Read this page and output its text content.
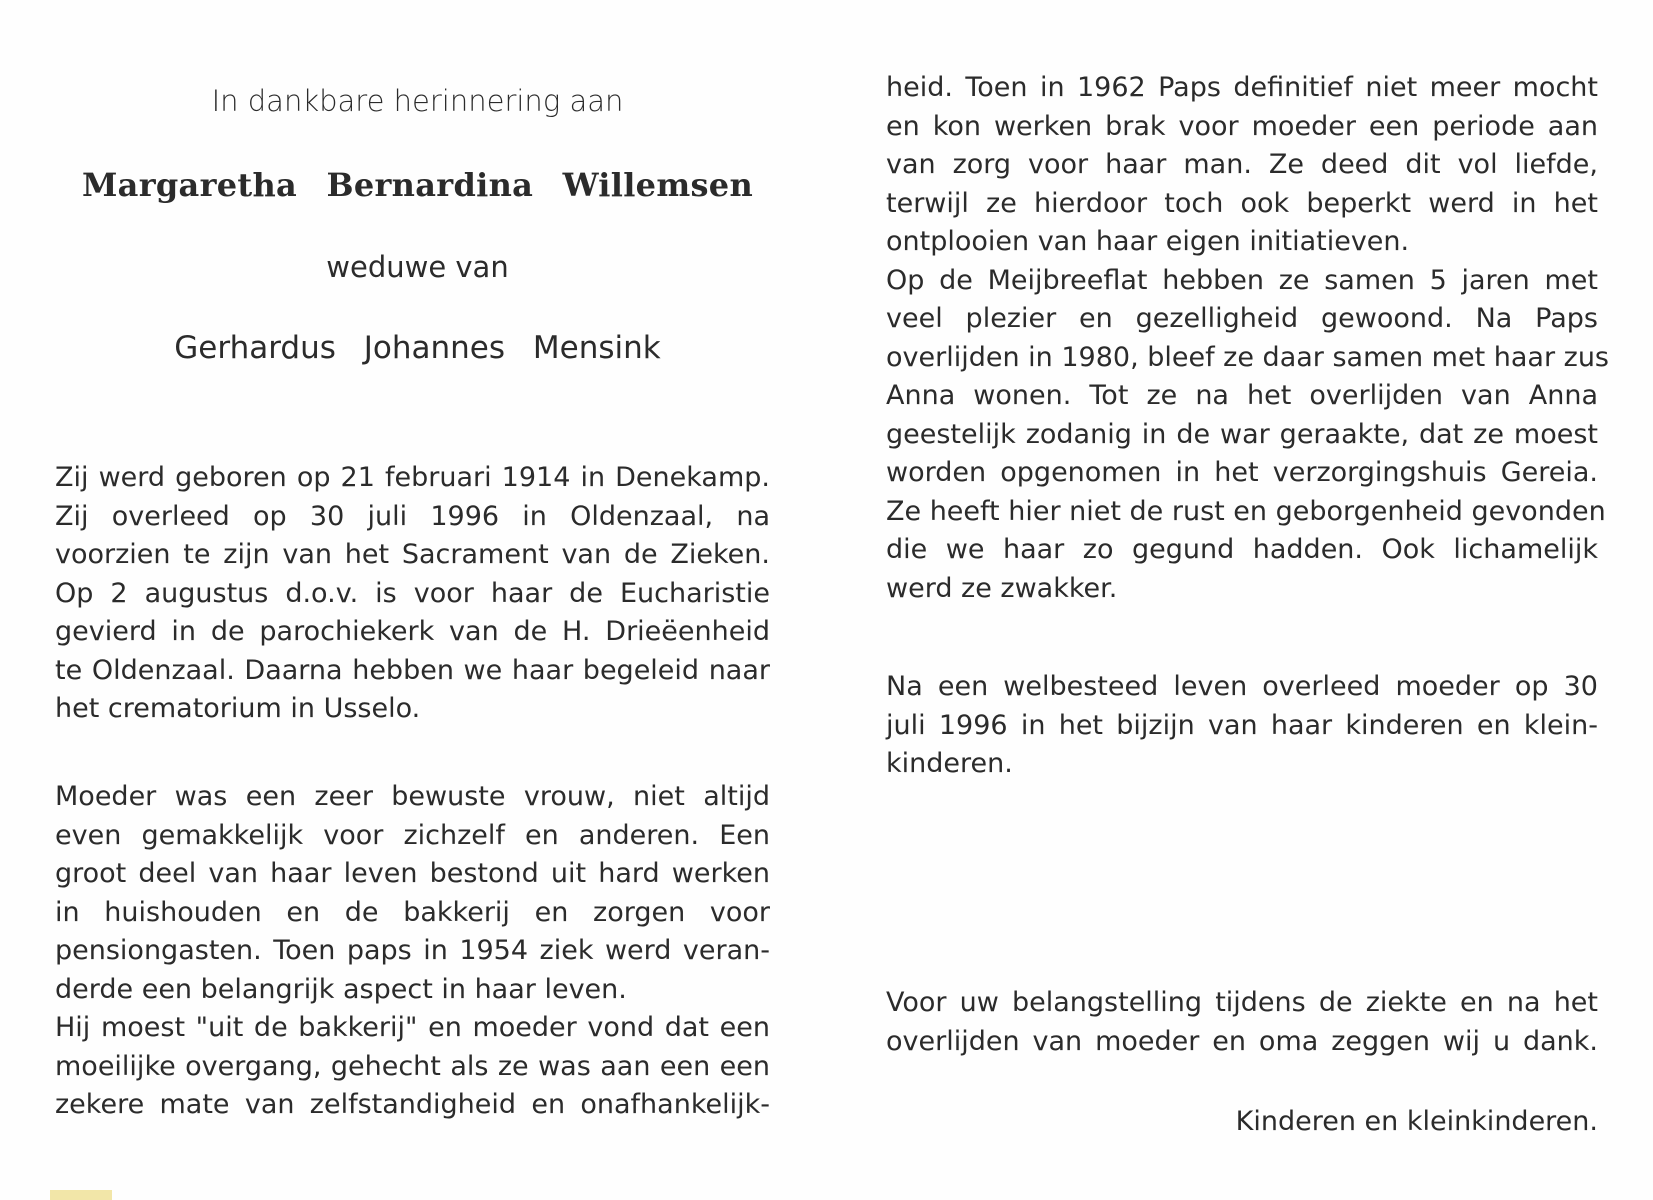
In dankbare herinnering aan
Margaretha Bernardina Willemsen
weduwe van
Gerhardus Johannes Mensink
Zij werd geboren op 21 februari 1914 in Denekamp.
Zij overleed op 30 juli 1996 in Oldenzaal, na
voorzien te zijn van het Sacrament van de Zieken.
Op 2 augustus d.o.v. is voor haar de Eucharistie
gevierd in de parochiekerk van de H. Drieëenheid
te Oldenzaal. Daarna hebben we haar begeleid naar
het crematorium in Usselo.
Moeder was een zeer bewuste vrouw, niet altijd
even gemakkelijk voor zichzelf en anderen. Een
groot deel van haar leven bestond uit hard werken
in huishouden en de bakkerij en zorgen voor
pensiongasten. Toen paps in 1954 ziek werd veran-
derde een belangrijk aspect in haar leven.
Hij moest "uit de bakkerij" en moeder vond dat een
moeilijke overgang, gehecht als ze was aan een een
zekere mate van zelfstandigheid en onafhankelijk-
heid. Toen in 1962 Paps definitief niet meer mocht
en kon werken brak voor moeder een periode aan
van zorg voor haar man. Ze deed dit vol liefde,
terwijl ze hierdoor toch ook beperkt werd in het
ontplooien van haar eigen initiatieven.
Op de Meijbreeflat hebben ze samen 5 jaren met
veel plezier en gezelligheid gewoond. Na Paps
overlijden in 1980, bleef ze daar samen met haar zus
Anna wonen. Tot ze na het overlijden van Anna
geestelijk zodanig in de war geraakte, dat ze moest
worden opgenomen in het verzorgingshuis Gereia.
Ze heeft hier niet de rust en geborgenheid gevonden
die we haar zo gegund hadden. Ook lichamelijk
werd ze zwakker.
Na een welbesteed leven overleed moeder op 30
juli 1996 in het bijzijn van haar kinderen en klein-
kinderen.
Voor uw belangstelling tijdens de ziekte en na het
overlijden van moeder en oma zeggen wij u dank.
Kinderen en kleinkinderen.
